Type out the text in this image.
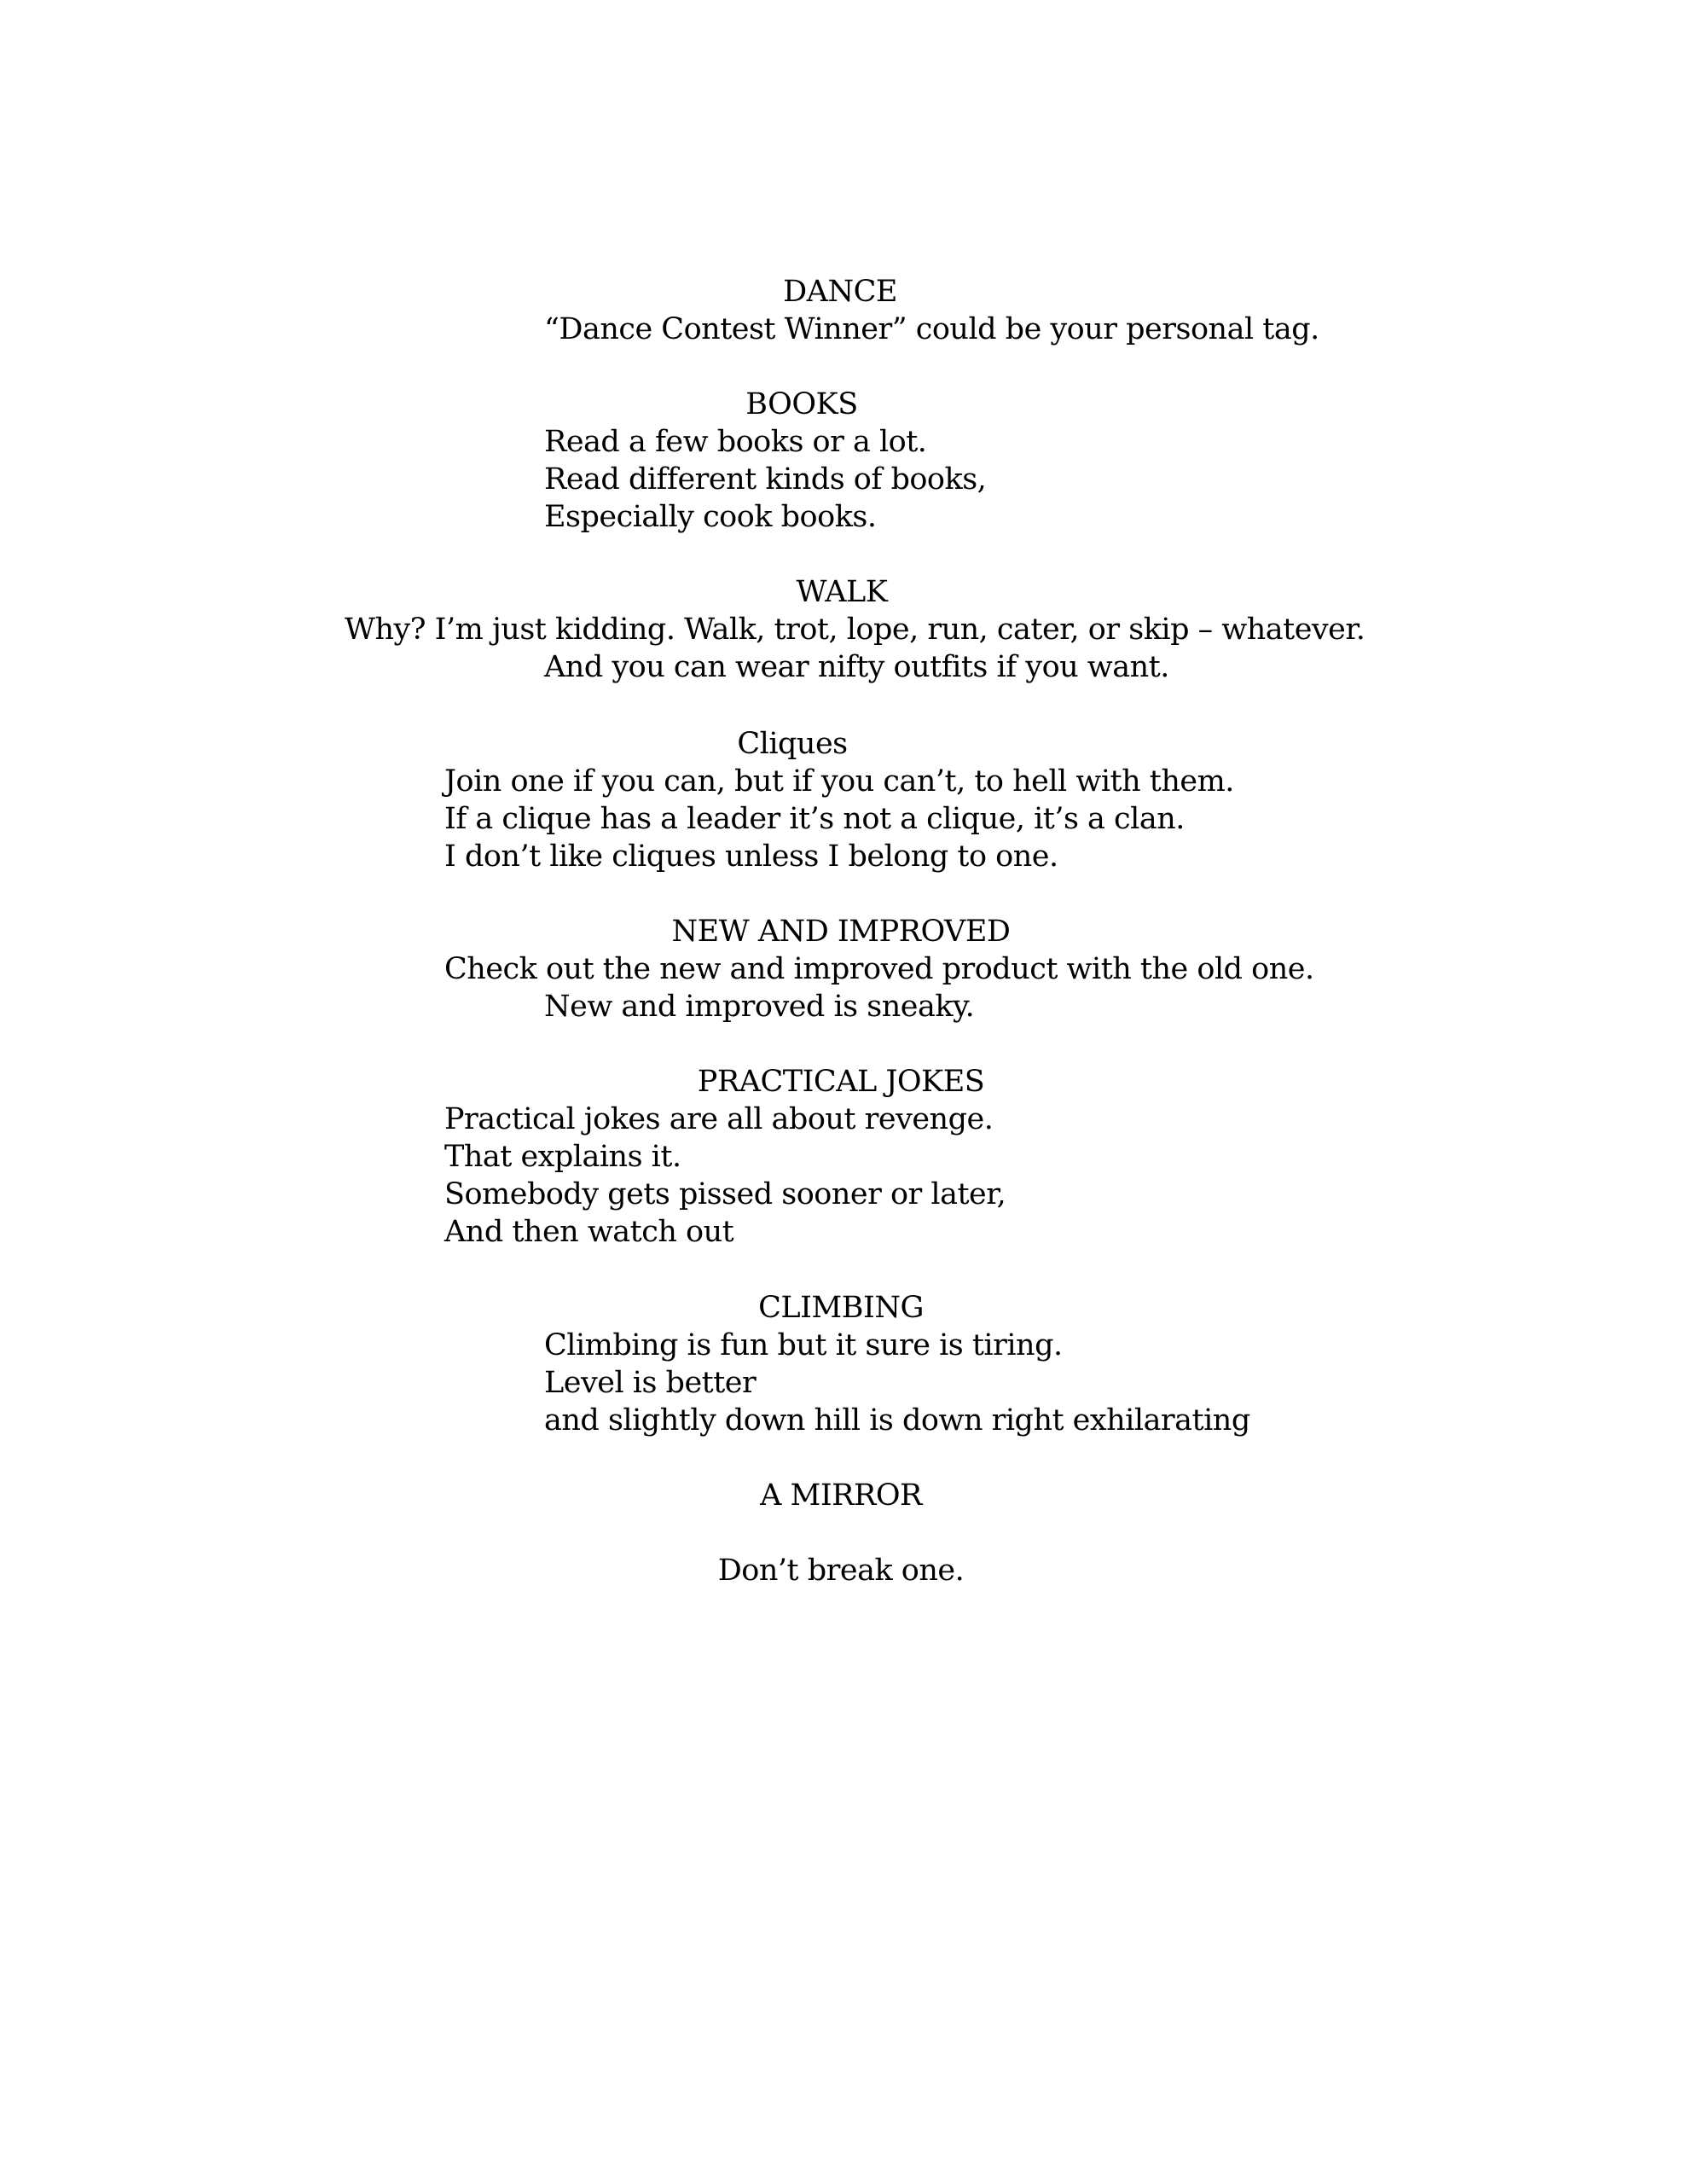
DANCE
“Dance Contest Winner” could be your personal tag.
BOOKS
Read a few books or a lot.
Read different kinds of books,
Especially cook books.
WALK
Why? I’m just kidding. Walk, trot, lope, run, cater, or skip – whatever.
And you can wear nifty outfits if you want.
Cliques
Join one if you can, but if you can’t, to hell with them.
If a clique has a leader it’s not a clique, it’s a clan.
I don’t like cliques unless I belong to one.
NEW AND IMPROVED
Check out the new and improved product with the old one.
New and improved is sneaky.
PRACTICAL JOKES
Practical jokes are all about revenge.
That explains it.
Somebody gets pissed sooner or later,
And then watch out
CLIMBING
Climbing is fun but it sure is tiring.
Level is better
and slightly down hill is down right exhilarating
A MIRROR
Don’t break one.
